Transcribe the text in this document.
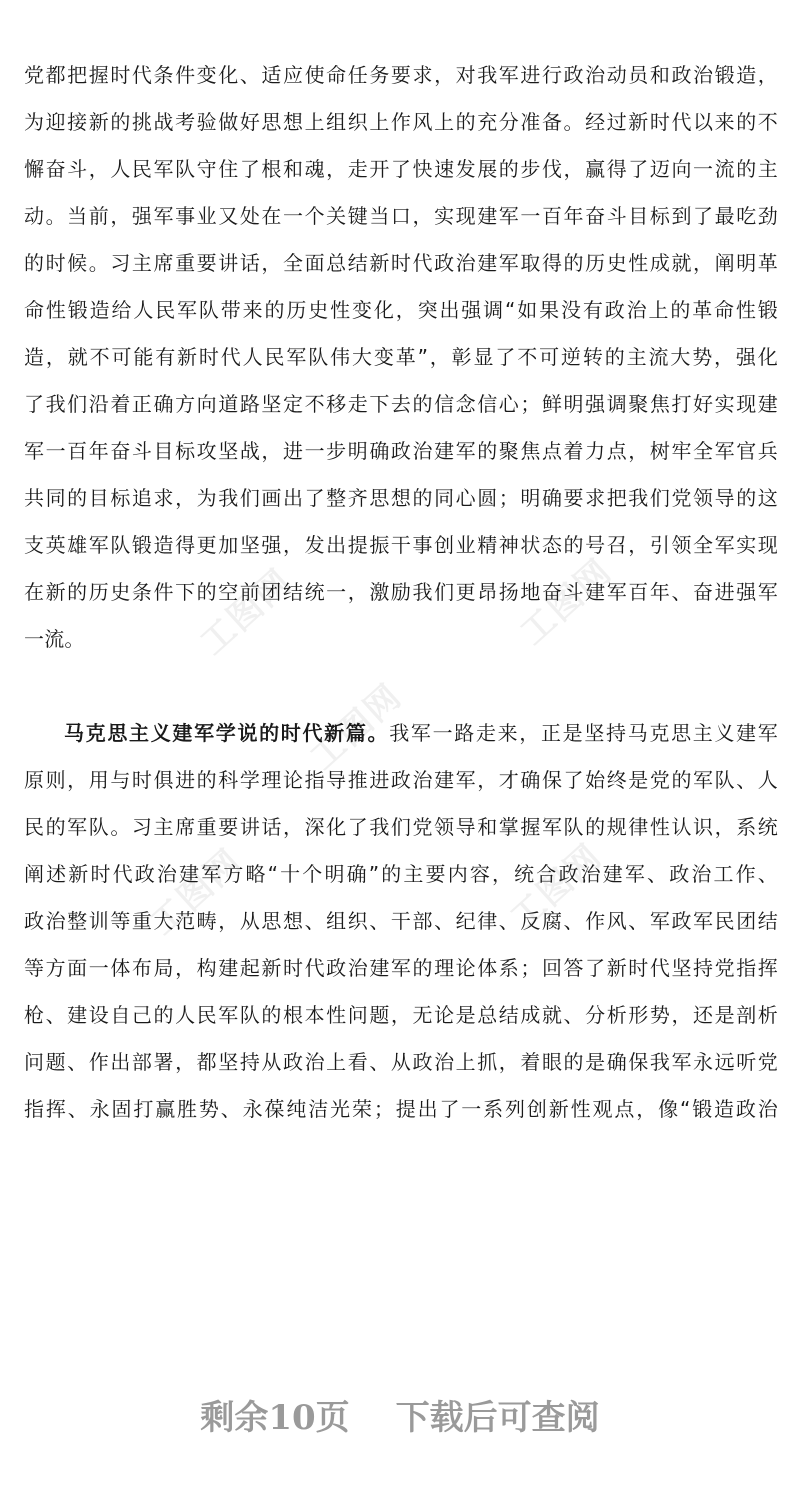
工图网	工图网
工图网
工图网	工图网
党都把握时代条件变化、适应使命任务要求，对我军进行政治动员和政治锻造，
为迎接新的挑战考验做好思想上组织上作风上的充分准备。经过新时代以来的不
懈奋斗，人民军队守住了根和魂，走开了快速发展的步伐，赢得了迈向一流的主
动。当前，强军事业又处在一个关键当口，实现建军一百年奋斗目标到了最吃劲
的时候。习主席重要讲话，全面总结新时代政治建军取得的历史性成就，阐明革
命性锻造给人民军队带来的历史性变化，突出强调“如果没有政治上的革命性锻
造，就不可能有新时代人民军队伟大变革”，彰显了不可逆转的主流大势，强化
了我们沿着正确方向道路坚定不移走下去的信念信心；鲜明强调聚焦打好实现建
军一百年奋斗目标攻坚战，进一步明确政治建军的聚焦点着力点，树牢全军官兵
共同的目标追求，为我们画出了整齐思想的同心圆；明确要求把我们党领导的这
支英雄军队锻造得更加坚强，发出提振干事创业精神状态的号召，引领全军实现
在新的历史条件下的空前团结统一，激励我们更昂扬地奋斗建军百年、奋进强军
一流。
马克思主义建军学说的时代新篇。我军一路走来，正是坚持马克思主义建军
原则，用与时俱进的科学理论指导推进政治建军，才确保了始终是党的军队、人
民的军队。习主席重要讲话，深化了我们党领导和掌握军队的规律性认识，系统
阐述新时代政治建军方略“十个明确”的主要内容，统合政治建军、政治工作、
政治整训等重大范畴，从思想、组织、干部、纪律、反腐、作风、军政军民团结
等方面一体布局，构建起新时代政治建军的理论体系；回答了新时代坚持党指挥
枪、建设自己的人民军队的根本性问题，无论是总结成就、分析形势，还是剖析
问题、作出部署，都坚持从政治上看、从政治上抓，着眼的是确保我军永远听党
指挥、永固打赢胜势、永葆纯洁光荣；提出了一系列创新性观点，像“锻造政治
剩余10页 下载后可查阅
